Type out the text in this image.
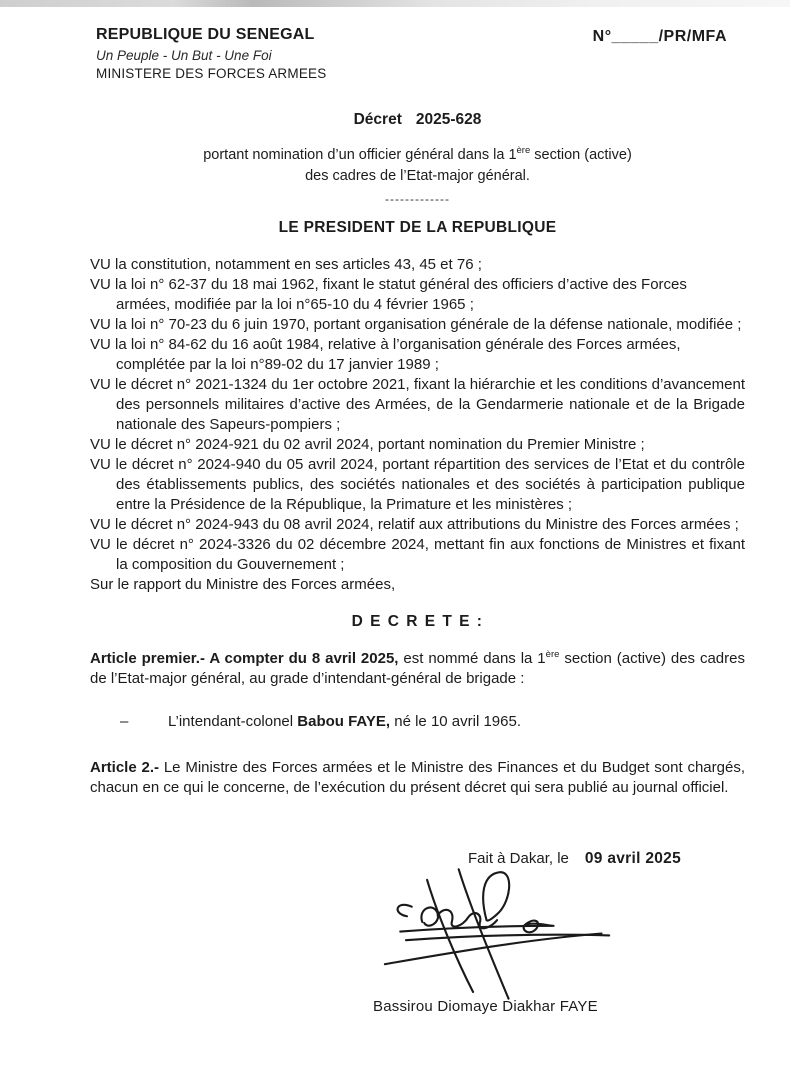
REPUBLIQUE DU SENEGAL
Un Peuple - Un But - Une Foi
MINISTERE DES FORCES ARMEES
N°_____/PR/MFA
Décret 2025-628
portant nomination d’un officier général dans la 1ère section (active)
des cadres de l’Etat-major général.
-------------
LE PRESIDENT DE LA REPUBLIQUE
VU la constitution, notamment en ses articles 43, 45 et 76 ;
VU la loi n° 62-37 du 18 mai 1962, fixant le statut général des officiers d’active des Forces armées, modifiée par la loi n°65-10 du 4 février 1965 ;
VU la loi n° 70-23 du 6 juin 1970, portant organisation générale de la défense nationale, modifiée ;
VU la loi n° 84-62 du 16 août 1984, relative à l’organisation générale des Forces armées, complétée par la loi n°89-02 du 17 janvier 1989 ;
VU le décret n° 2021-1324 du 1er octobre 2021, fixant la hiérarchie et les conditions d’avancement des personnels militaires d’active des Armées, de la Gendarmerie nationale et de la Brigade nationale des Sapeurs-pompiers ;
VU le décret n° 2024-921 du 02 avril 2024, portant nomination du Premier Ministre ;
VU le décret n° 2024-940 du 05 avril 2024, portant répartition des services de l’Etat et du contrôle des établissements publics, des sociétés nationales et des sociétés à participation publique entre la Présidence de la République, la Primature et les ministères ;
VU le décret n° 2024-943 du 08 avril 2024, relatif aux attributions du Ministre des Forces armées ;
VU le décret n° 2024-3326 du 02 décembre 2024, mettant fin aux fonctions de Ministres et fixant la composition du Gouvernement ;
Sur le rapport du Ministre des Forces armées,
D E C R E T E :
Article premier.- A compter du 8 avril 2025, est nommé dans la 1ère section (active) des cadres de l’Etat-major général, au grade d’intendant-général de brigade :
–	L’intendant-colonel Babou FAYE, né le 10 avril 1965.
Article 2.- Le Ministre des Forces armées et le Ministre des Finances et du Budget sont chargés, chacun en ce qui le concerne, de l’exécution du présent décret qui sera publié au journal officiel.
Fait à Dakar, le 09 avril 2025
Bassirou Diomaye Diakhar FAYE
